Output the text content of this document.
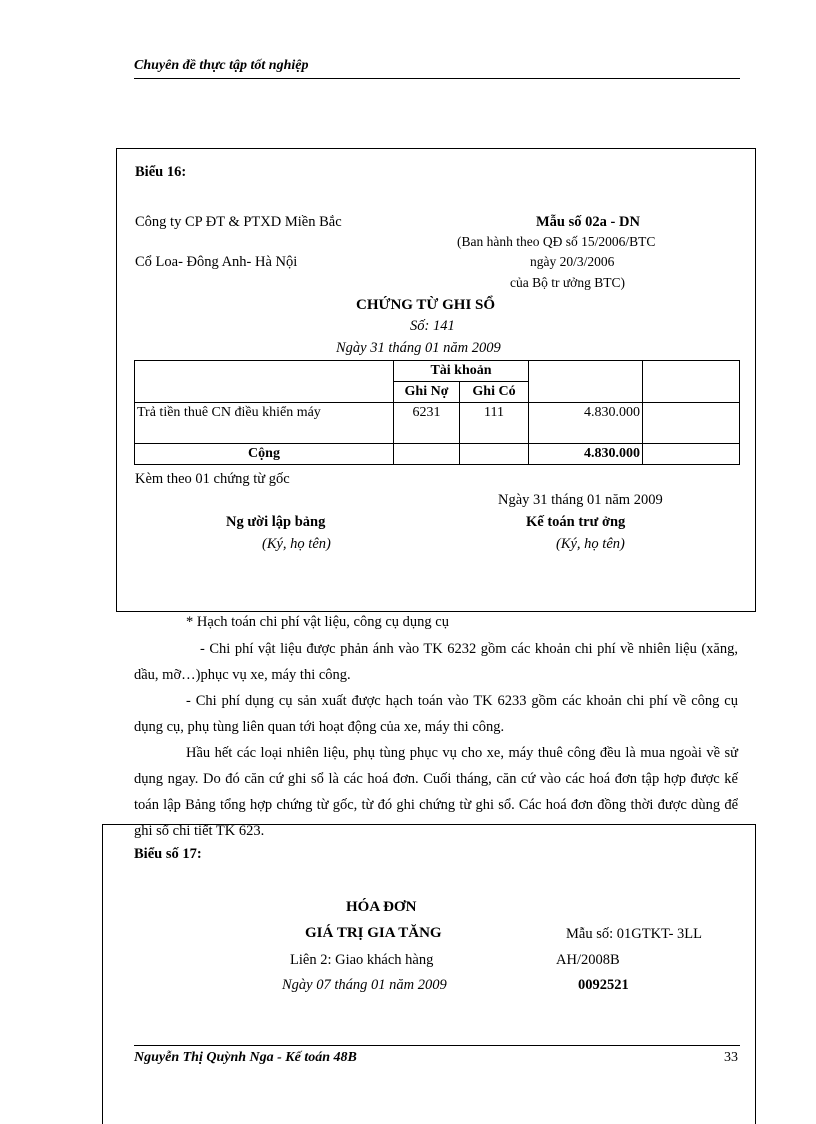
Chuyên đề thực tập tốt nghiệp
Biểu 16:
Công ty CP ĐT & PTXD Miền Bắc
Cổ Loa- Đông Anh- Hà Nội
Mẫu số 02a - DN
(Ban hành theo QĐ số 15/2006/BTC
ngày 20/3/2006
của Bộ tr ưởng BTC)
CHỨNG TỪ GHI SỔ
Số: 141
Ngày 31 tháng 01 năm 2009
	Tài khoản			
	Ghi Nợ	Ghi Có		
Trả tiền thuê CN điều khiển máy	6231	111	4.830.000	
Cộng			4.830.000	
Kèm theo 01 chứng từ gốc
Ngày 31 tháng 01 năm 2009
Ng ười lập bảng
(Ký, họ tên)
Kế toán trư ởng
(Ký, họ tên)
* Hạch toán chi phí vật liệu, công cụ dụng cụ
- Chi phí vật liệu được phản ánh vào TK 6232 gồm các khoản chi phí về nhiên liệu (xăng, dầu, mỡ…)phục vụ xe, máy thi công.
- Chi phí dụng cụ sản xuất được hạch toán vào TK 6233 gồm các khoản chi phí về công cụ dụng cụ, phụ tùng liên quan tới hoạt động của xe, máy thi công.
Hầu hết các loại nhiên liệu, phụ tùng phục vụ cho xe, máy thuê công đều là mua ngoài về sử dụng ngay. Do đó căn cứ ghi sổ là các hoá đơn. Cuối tháng, căn cứ vào các hoá đơn tập hợp được kế toán lập Bảng tổng hợp chứng từ gốc, từ đó ghi chứng từ ghi sổ. Các hoá đơn đồng thời được dùng để ghi sổ chi tiết TK 623.
Biểu số 17:
HÓA ĐƠN
GIÁ TRỊ GIA TĂNG
Liên 2: Giao khách hàng
Ngày 07 tháng 01 năm 2009
Mẫu số: 01GTKT- 3LL
AH/2008B
0092521
Nguyễn Thị Quỳnh Nga - Kế toán 48B	33
